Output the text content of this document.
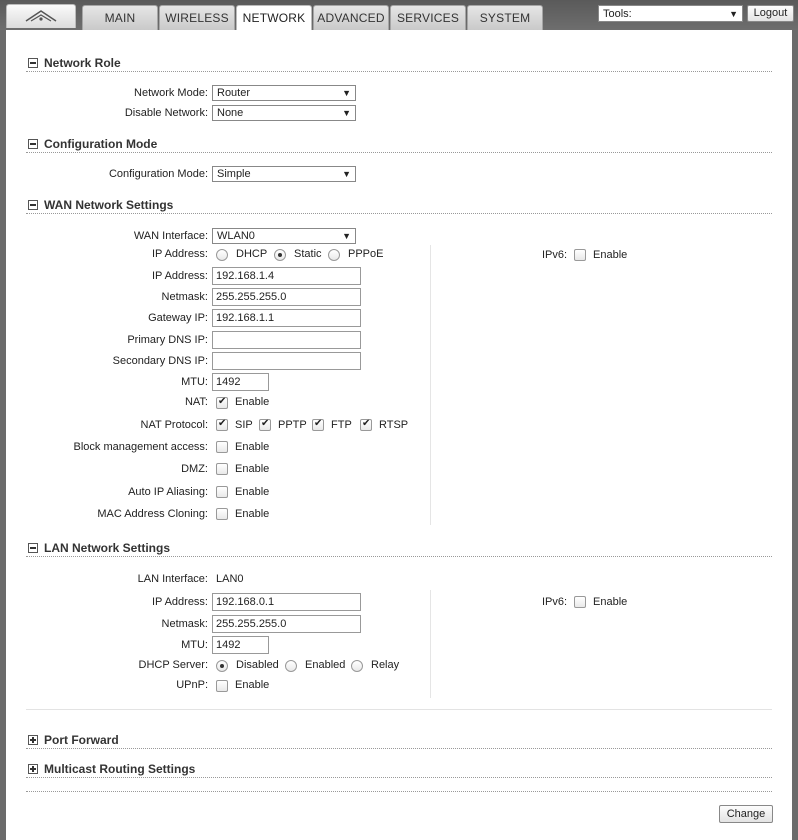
MAIN	WIRELESS	NETWORK ADVANCED	SERVICES	SYSTEM	Tools:	▼	Logout
Network Role
Network Mode: Router	▼
Disable Network: None	▼
Configuration Mode
Configuration Mode: Simple	▼
WAN Network Settings
WAN Interface: WLAN0	▼
IP Address:	DHCP Static PPPoE	IPv6: Enable
IP Address: 192.168.1.4
Netmask: 255.255.255.0
Gateway IP: 192.168.1.1
Primary DNS IP:
Secondary DNS IP:
MTU: 1492
NAT: ✔ Enable
NAT Protocol: ✔ SIP ✔ PPTP ✔ FTP ✔ RTSP
Block management access: Enable
DMZ: Enable
Auto IP Aliasing: Enable
MAC Address Cloning: Enable
LAN Network Settings
LAN Interface: LAN0
IP Address: 192.168.0.1	IPv6: Enable
Netmask: 255.255.255.0
MTU: 1492
DHCP Server:	Disabled Enabled Relay
UPnP: Enable
Port Forward
Multicast Routing Settings
Change
